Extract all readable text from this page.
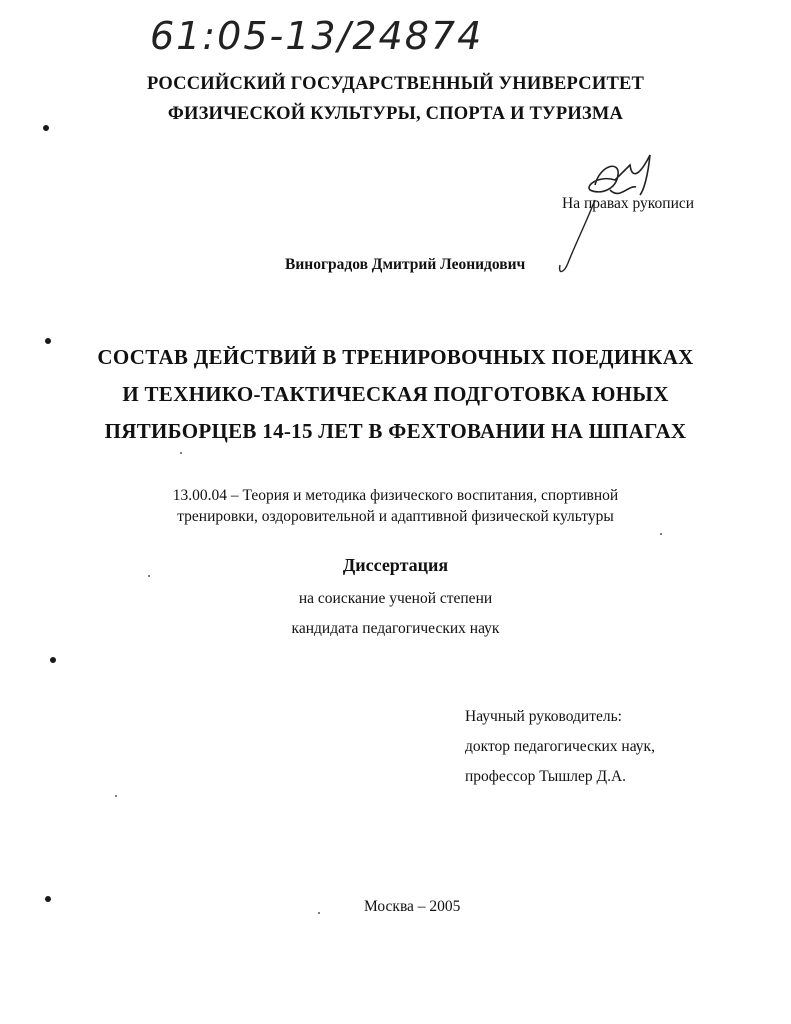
61:05-13/24874
РОССИЙСКИЙ ГОСУДАРСТВЕННЫЙ УНИВЕРСИТЕТ
ФИЗИЧЕСКОЙ КУЛЬТУРЫ, СПОРТА И ТУРИЗМА
На правах рукописи
Виноградов Дмитрий Леонидович
СОСТАВ ДЕЙСТВИЙ В ТРЕНИРОВОЧНЫХ ПОЕДИНКАХ
И ТЕХНИКО-ТАКТИЧЕСКАЯ ПОДГОТОВКА ЮНЫХ
ПЯТИБОРЦЕВ 14-15 ЛЕТ В ФЕХТОВАНИИ НА ШПАГАХ
13.00.04 – Теория и методика физического воспитания, спортивной
тренировки, оздоровительной и адаптивной физической культуры
Диссертация
на соискание ученой степени
кандидата педагогических наук
Научный руководитель:
доктор педагогических наук,
профессор Тышлер Д.А.
Москва – 2005
